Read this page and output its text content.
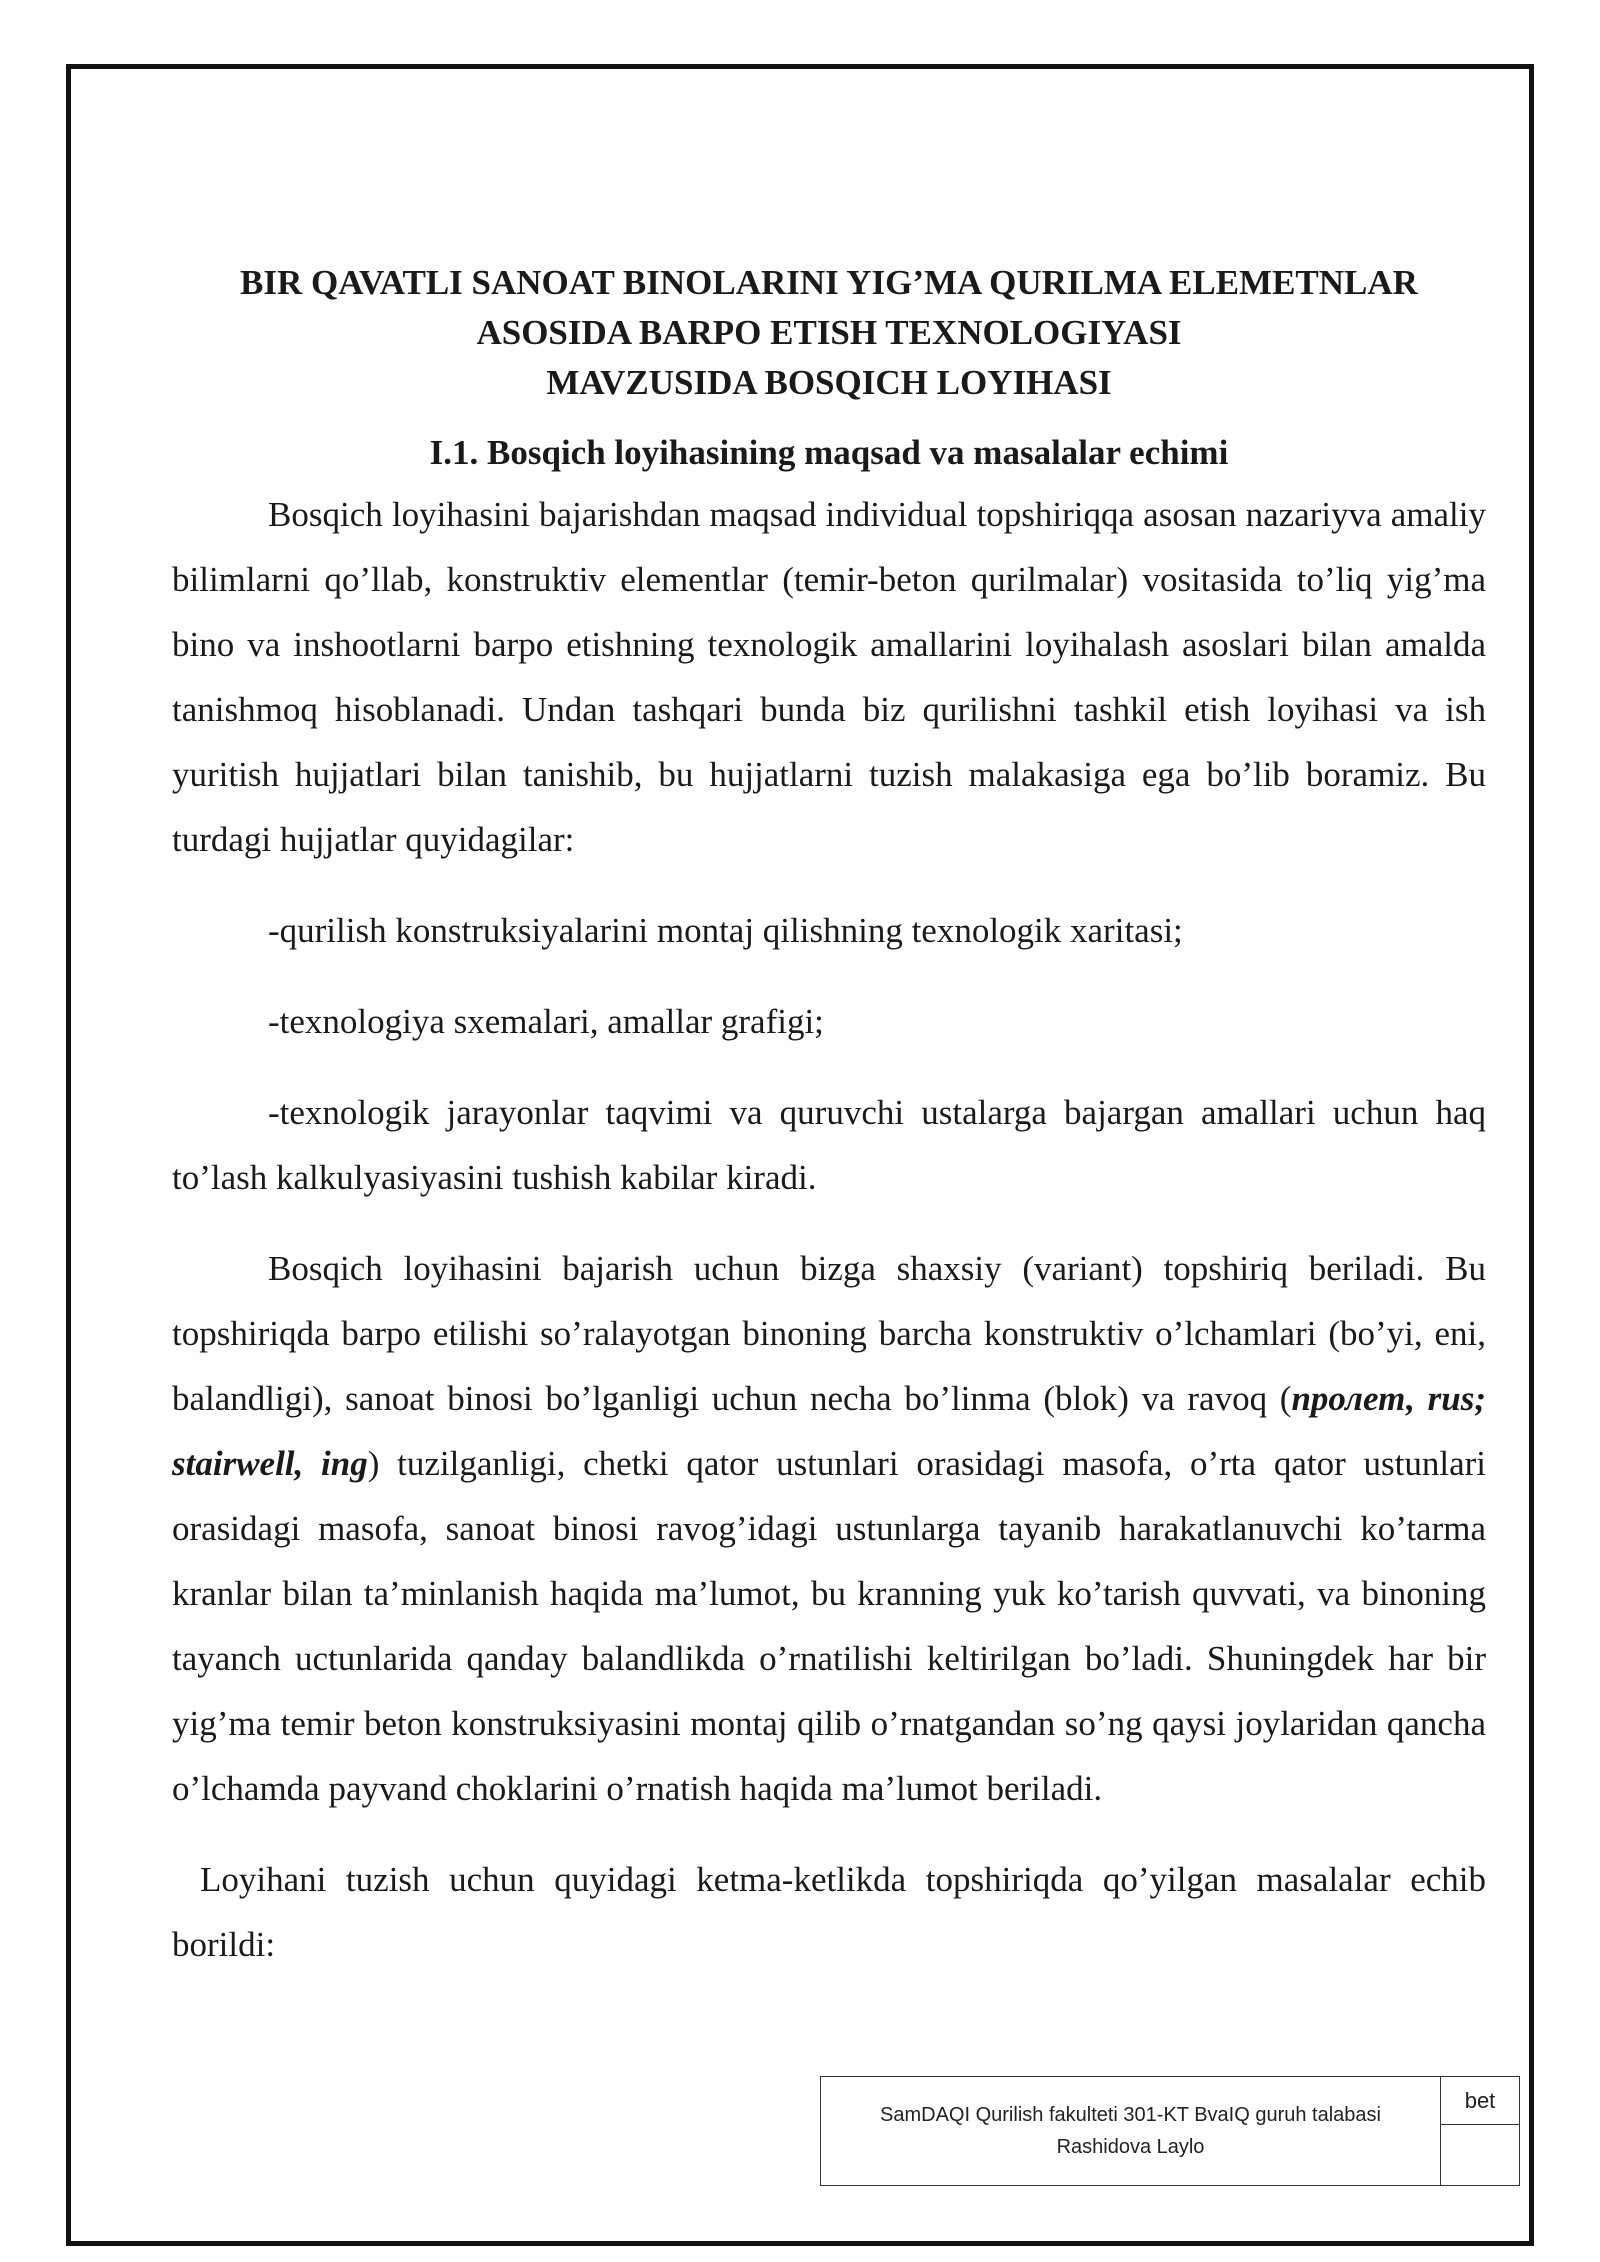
BIR QAVATLI SANOAT BINOLARINI YIG’MA QURILMA ELEMETNLAR
ASOSIDA BARPO ETISH TEXNOLOGIYASI
MAVZUSIDA BOSQICH LOYIHASI
I.1. Bosqich loyihasining maqsad va masalalar echimi

Bosqich loyihasini bajarishdan maqsad individual topshiriqqa asosan nazariyva amaliy bilimlarni qo’llab, konstruktiv elementlar (temir-beton qurilmalar) vositasida to’liq yig’ma bino va inshootlarni barpo etishning texnologik amallarini loyihalash asoslari bilan amalda tanishmoq hisoblanadi. Undan tashqari bunda biz qurilishni tashkil etish loyihasi va ish yuritish hujjatlari bilan tanishib, bu hujjatlarni tuzish malakasiga ega bo’lib boramiz. Bu turdagi hujjatlar quyidagilar:

-qurilish konstruksiyalarini montaj qilishning texnologik xaritasi;

-texnologiya sxemalari, amallar grafigi;

-texnologik jarayonlar taqvimi va quruvchi ustalarga bajargan amallari uchun haq to’lash kalkulyasiyasini tushish kabilar kiradi.

Bosqich loyihasini bajarish uchun bizga shaxsiy (variant) topshiriq beriladi. Bu topshiriqda barpo etilishi so’ralayotgan binoning barcha konstruktiv o’lchamlari (bo’yi, eni, balandligi), sanoat binosi bo’lganligi uchun necha bo’linma (blok) va ravoq (пролет, rus; stairwell, ing) tuzilganligi, chetki qator ustunlari orasidagi masofa, o’rta qator ustunlari orasidagi masofa, sanoat binosi ravog’idagi ustunlarga tayanib harakatlanuvchi ko’tarma kranlar bilan ta’minlanish haqida ma’lumot, bu kranning yuk ko’tarish quvvati, va binoning tayanch uctunlarida qanday balandlikda o’rnatilishi keltirilgan bo’ladi. Shuningdek har bir yig’ma temir beton konstruksiyasini montaj qilib o’rnatgandan so’ng qaysi joylaridan qancha o’lchamda payvand choklarini o’rnatish haqida ma’lumot beriladi.

Loyihani tuzish uchun quyidagi ketma-ketlikda topshiriqda qo’yilgan masalalar echib borildi:

SamDAQI Qurilish fakulteti 301-KT BvaIQ guruh talabasi
Rashidova Laylo
bet
